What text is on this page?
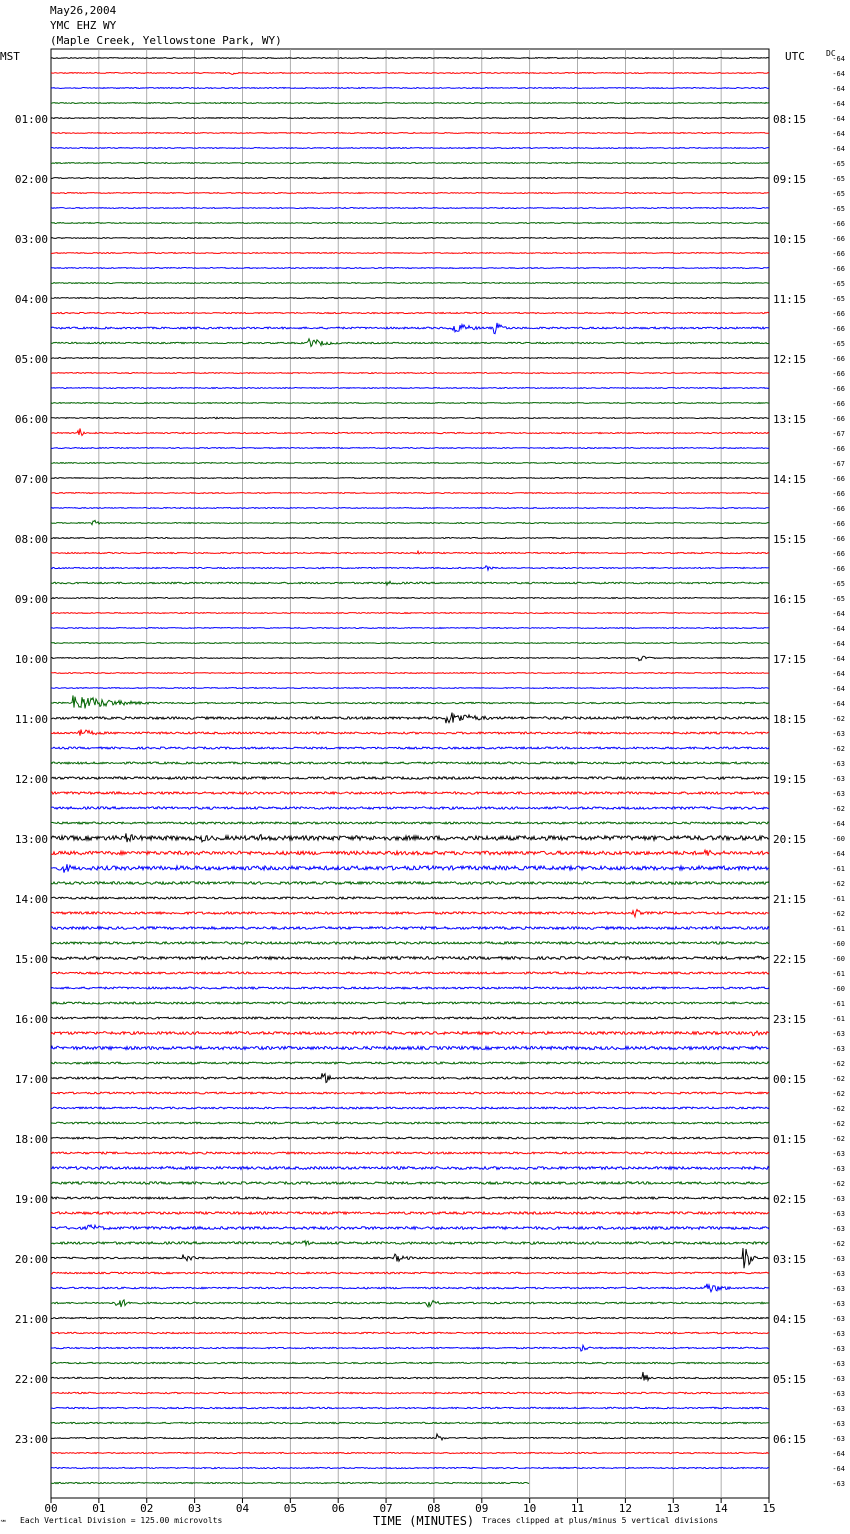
May26,2004
YMC EHZ WY
(Maple Creek, Yellowstone Park, WY)
MST	UTC	DC
00	01	02	03	04	05	06	07	08	09	10	11	12	13	14	15
-64
-64
-64
-64
-64
01:00	08:15
-64
-64
-65
-65
02:00	09:15
-65
-65
-66
-66
03:00	10:15
-66
-66
-65
-65
04:00	11:15
-66
-66
-65
-66
05:00	12:15
-66
-66
-66
-66
06:00	13:15
-67
-66
-67
-66
07:00	14:15
-66
-66
-66
-66
08:00	15:15
-66
-66
-65
-65
09:00	16:15
-64
-64
-64
-64
10:00	17:15
-64
-64
-64
-62
11:00	18:15
-63
-62
-63
-63
12:00	19:15
-63
-62
-64
-60
13:00	20:15
-64
-61
-62
-61
14:00	21:15
-62
-61
-60
-60
15:00	22:15
-61
-60
-61
-61
16:00	23:15
-63
-63
-62
-62
17:00	00:15
-62
-62
-62
-62
18:00	01:15
-63
-63
-62
-63
19:00	02:15
-63
-63
-62
-63
20:00	03:15
-63
-63
-63
-63
21:00	04:15
-63
-63
-63
-63
22:00	05:15
-63
-63
-63
-63
23:00	06:15
-64
-64
-63
℠ Each Vertical Division = 125.00 microvolts	TIME (MINUTES) Traces clipped at plus/minus 5 vertical divisions
